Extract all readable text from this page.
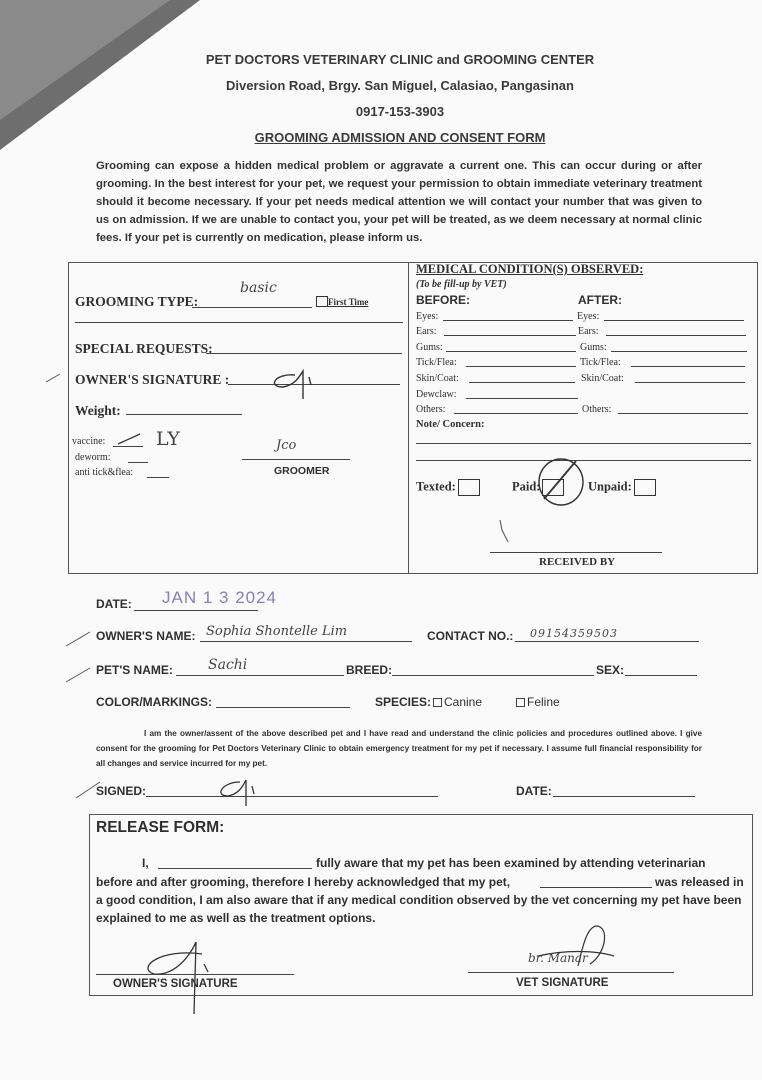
PET DOCTORS VETERINARY CLINIC and GROOMING CENTER
Diversion Road, Brgy. San Miguel, Calasiao, Pangasinan
0917-153-3903
GROOMING ADMISSION AND CONSENT FORM
Grooming can expose a hidden medical problem or aggravate a current one. This can occur during or after grooming. In the best interest for your pet, we request your permission to obtain immediate veterinary treatment should it become necessary. If your pet needs medical attention we will contact your number that was given to us on admission. If we are unable to contact you, your pet will be treated, as we deem necessary at normal clinic fees. If your pet is currently on medication, please inform us.
GROOMING TYPE:
basic
First Time
SPECIAL REQUESTS:
OWNER'S SIGNATURE :
Weight:
vaccine:	LY
deworm:
anti tick&flea:
Jco
GROOMER
MEDICAL CONDITION(S) OBSERVED:
(To be fill-up by VET)
BEFORE:	AFTER:
Eyes:	Eyes:
Ears:	Ears:
Gums:	Gums:
Tick/Flea:	Tick/Flea:
Skin/Coat:	Skin/Coat:
Dewclaw:
Others:	Others:
Note/ Concern:
Texted:	Paid:	Unpaid:
RECEIVED BY
DATE: JAN 1 3 2024
OWNER'S NAME: Sophia Shontelle Lim	CONTACT NO.: 09154359503
PET'S NAME:	Sachi	BREED:	SEX:
COLOR/MARKINGS:	SPECIES: Canine	Feline
I am the owner/assent of the above described pet and I have read and understand the clinic policies and procedures outlined above. I give consent for the grooming for Pet Doctors Veterinary Clinic to obtain emergency treatment for my pet if necessary. I assume full financial responsibility for all changes and service incurred for my pet.
SIGNED:	DATE:
RELEASE FORM:
I,	fully aware that my pet has been examined by attending veterinarian
before and after grooming, therefore I hereby acknowledged that my pet,	was released in
a good condition, I am also aware that if any medical condition observed by the vet concerning my pet have been explained to me as well as the treatment options.
OWNER'S SIGNATURE
br. Manar
VET SIGNATURE
